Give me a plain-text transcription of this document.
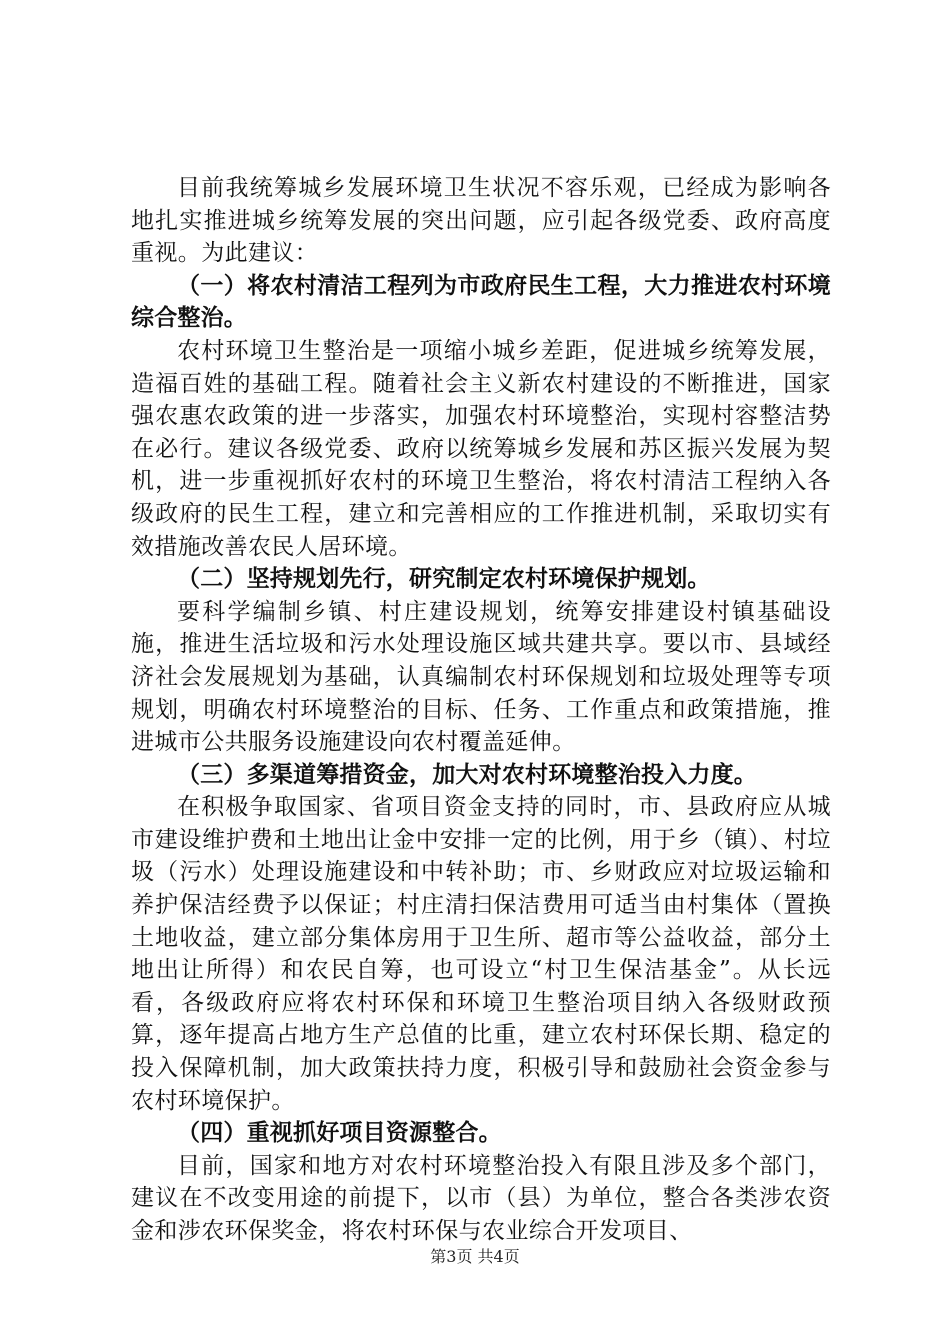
目前我统筹城乡发展环境卫生状况不容乐观，已经成为影响各地扎实推进城乡统筹发展的突出问题，应引起各级党委、政府高度重视。为此建议：

（一）将农村清洁工程列为市政府民生工程，大力推进农村环境综合整治。

农村环境卫生整治是一项缩小城乡差距，促进城乡统筹发展，造福百姓的基础工程。随着社会主义新农村建设的不断推进，国家强农惠农政策的进一步落实，加强农村环境整治，实现村容整洁势在必行。建议各级党委、政府以统筹城乡发展和苏区振兴发展为契机，进一步重视抓好农村的环境卫生整治，将农村清洁工程纳入各级政府的民生工程，建立和完善相应的工作推进机制，采取切实有效措施改善农民人居环境。

（二）坚持规划先行，研究制定农村环境保护规划。

要科学编制乡镇、村庄建设规划，统筹安排建设村镇基础设施，推进生活垃圾和污水处理设施区域共建共享。要以市、县域经济社会发展规划为基础，认真编制农村环保规划和垃圾处理等专项规划，明确农村环境整治的目标、任务、工作重点和政策措施，推进城市公共服务设施建设向农村覆盖延伸。

（三）多渠道筹措资金，加大对农村环境整治投入力度。

在积极争取国家、省项目资金支持的同时，市、县政府应从城市建设维护费和土地出让金中安排一定的比例，用于乡（镇）、村垃圾（污水）处理设施建设和中转补助；市、乡财政应对垃圾运输和养护保洁经费予以保证；村庄清扫保洁费用可适当由村集体（置换土地收益，建立部分集体房用于卫生所、超市等公益收益，部分土地出让所得）和农民自筹，也可设立“村卫生保洁基金”。从长远看，各级政府应将农村环保和环境卫生整治项目纳入各级财政预算，逐年提高占地方生产总值的比重，建立农村环保长期、稳定的投入保障机制，加大政策扶持力度，积极引导和鼓励社会资金参与农村环境保护。

（四）重视抓好项目资源整合。

目前，国家和地方对农村环境整治投入有限且涉及多个部门，建议在不改变用途的前提下，以市（县）为单位，整合各类涉农资金和涉农环保奖金，将农村环保与农业综合开发项目、

第3页 共4页
